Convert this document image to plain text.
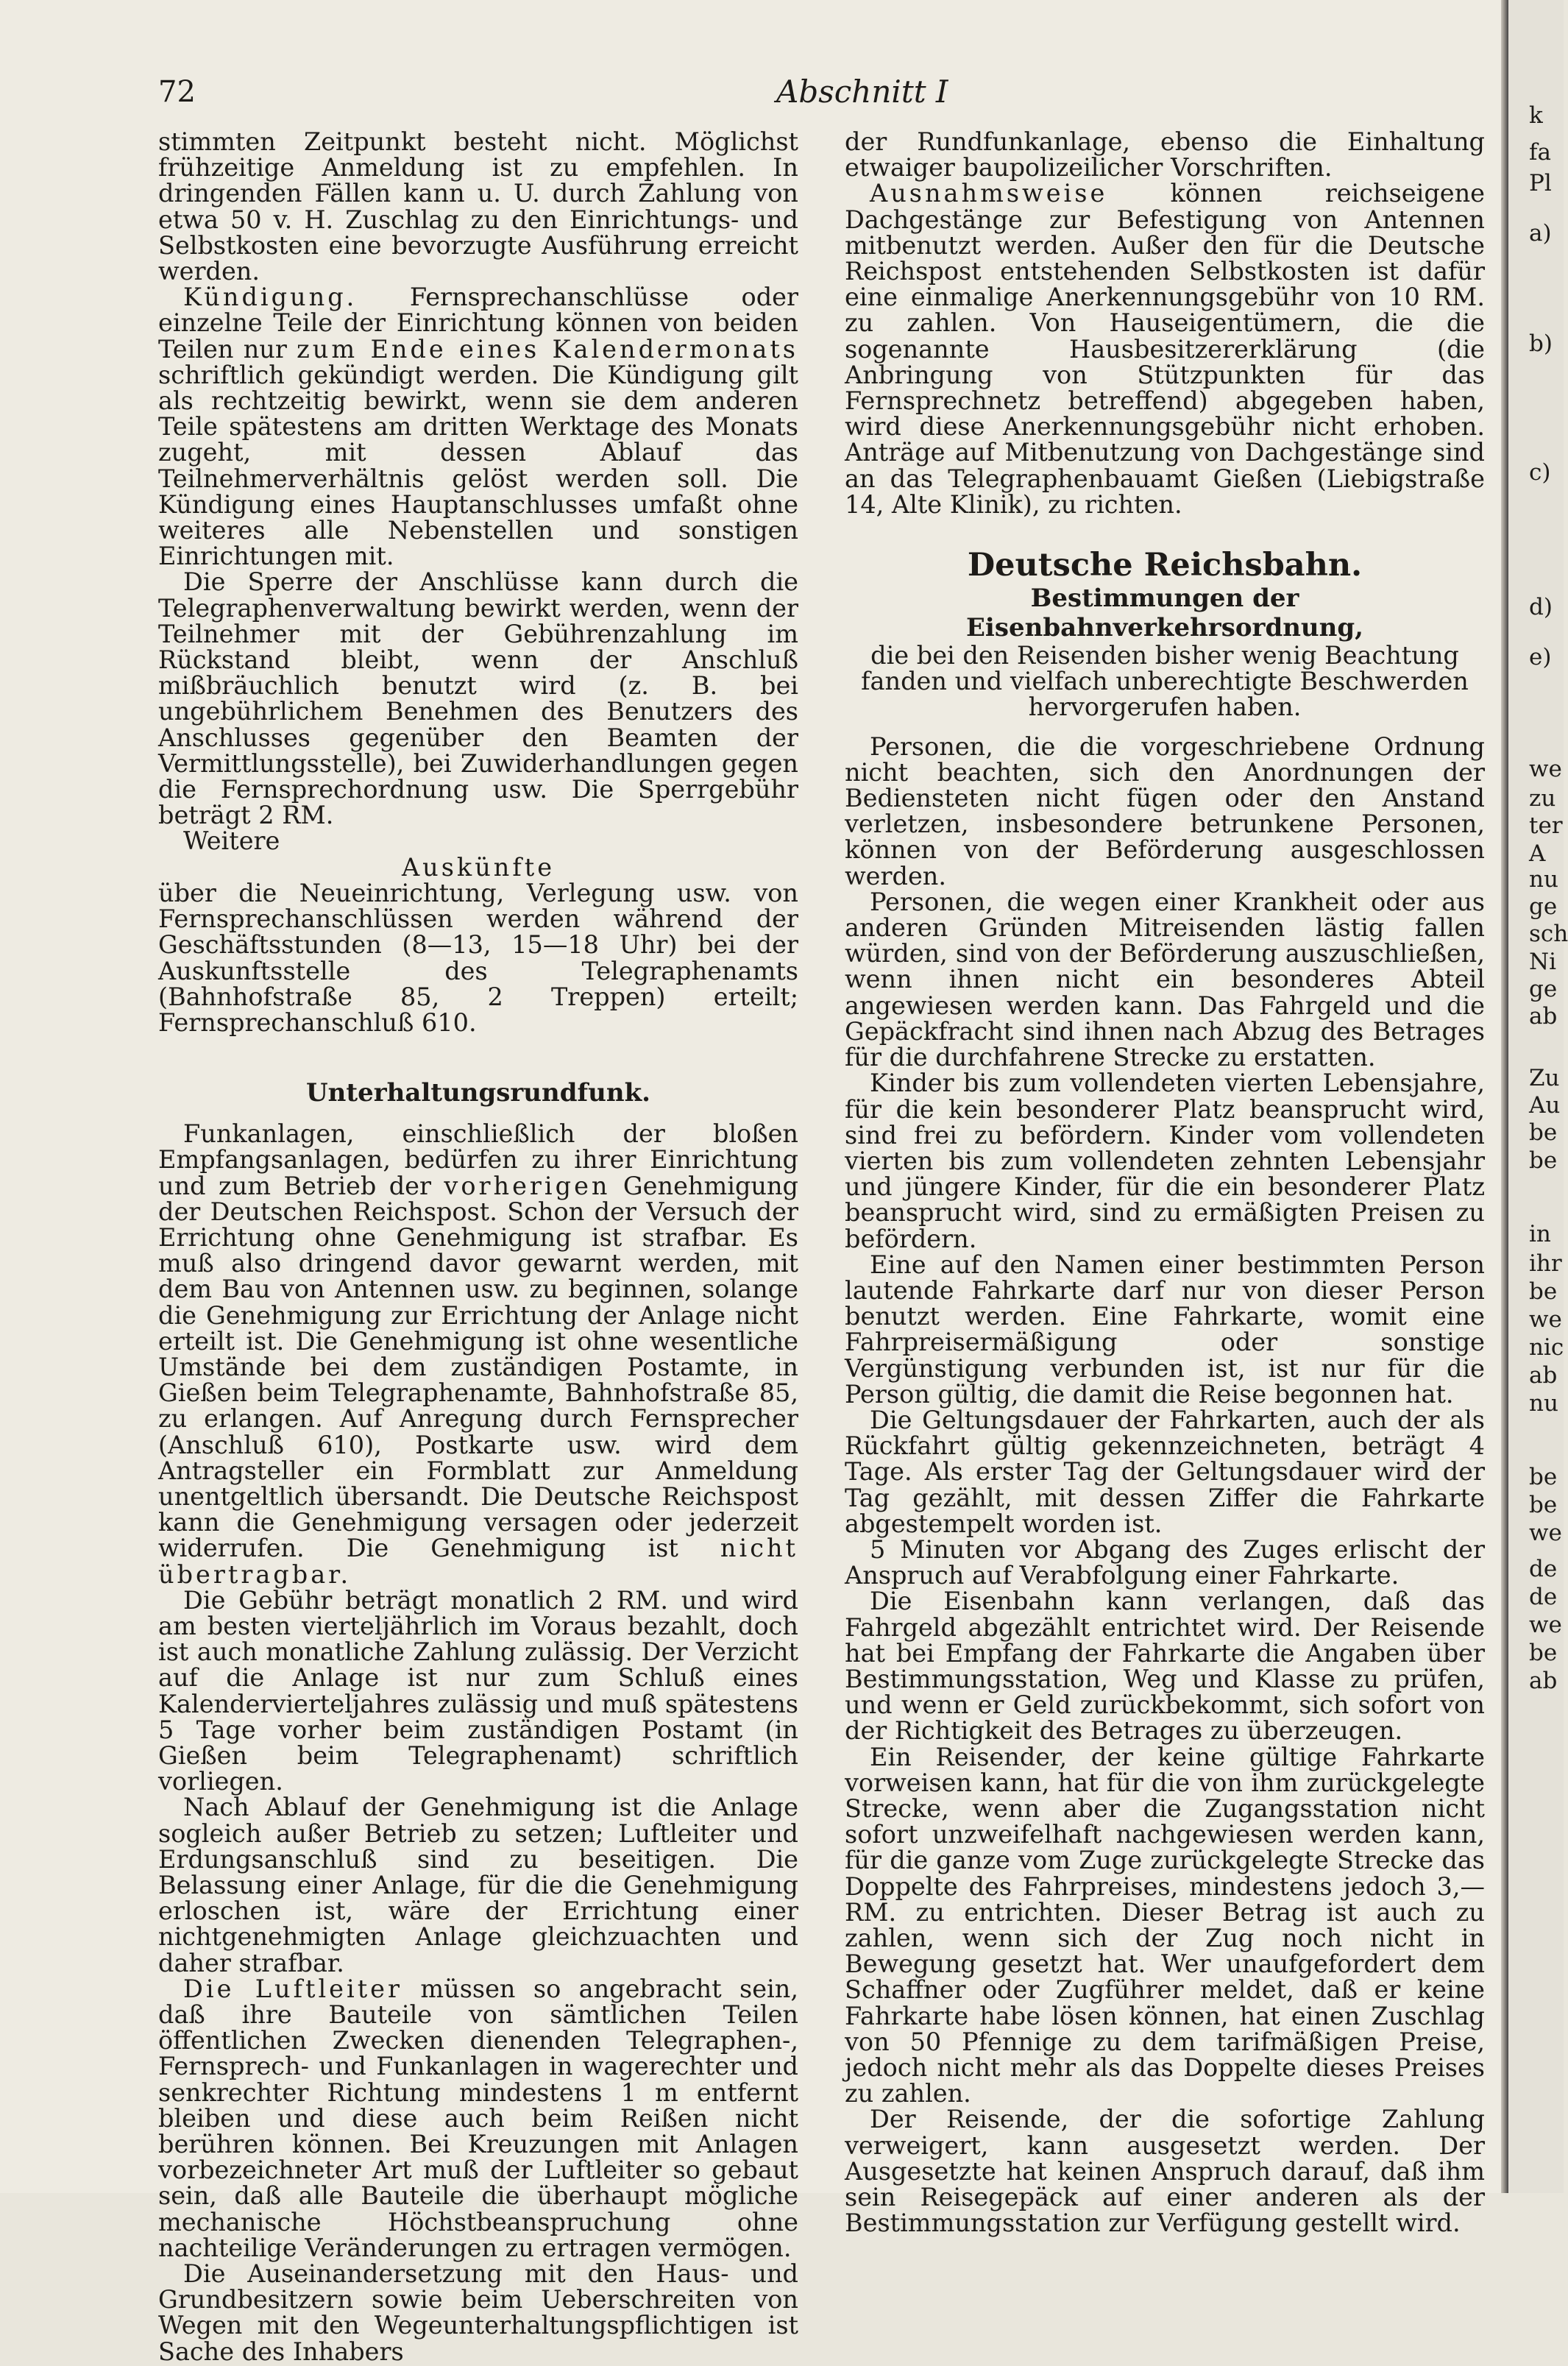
72	Abschnitt I

stimmten Zeitpunkt besteht nicht. Möglichst frühzeitige Anmeldung ist zu empfehlen. In dringenden Fällen kann u. U. durch Zahlung von etwa 50 v. H. Zuschlag zu den Einrichtungs- und Selbstkosten eine bevorzugte Ausführung erreicht werden.

Kündigung. Fernsprechanschlüsse oder einzelne Teile der Einrichtung können von beiden Teilen nur zum Ende eines Kalendermonats schriftlich gekündigt werden. Die Kündigung gilt als rechtzeitig bewirkt, wenn sie dem anderen Teile spätestens am dritten Werktage des Monats zugeht, mit dessen Ablauf das Teilnehmerverhältnis gelöst werden soll. Die Kündigung eines Hauptanschlusses umfaßt ohne weiteres alle Nebenstellen und sonstigen Einrichtungen mit.

Die Sperre der Anschlüsse kann durch die Telegraphenverwaltung bewirkt werden, wenn der Teilnehmer mit der Gebührenzahlung im Rückstand bleibt, wenn der Anschluß mißbräuchlich benutzt wird (z. B. bei ungebührlichem Benehmen des Benutzers des Anschlusses gegenüber den Beamten der Vermittlungsstelle), bei Zuwiderhandlungen gegen die Fernsprechordnung usw. Die Sperrgebühr beträgt 2 RM.

Weitere

Auskünfte

über die Neueinrichtung, Verlegung usw. von Fernsprechanschlüssen werden während der Geschäftsstunden (8—13, 15—18 Uhr) bei der Auskunftsstelle des Telegraphenamts (Bahnhofstraße 85, 2 Treppen) erteilt; Fernsprechanschluß 610.

Unterhaltungsrundfunk.

Funkanlagen, einschließlich der bloßen Empfangsanlagen, bedürfen zu ihrer Einrichtung und zum Betrieb der vorherigen Genehmigung der Deutschen Reichspost. Schon der Versuch der Errichtung ohne Genehmigung ist strafbar. Es muß also dringend davor gewarnt werden, mit dem Bau von Antennen usw. zu beginnen, solange die Genehmigung zur Errichtung der Anlage nicht erteilt ist. Die Genehmigung ist ohne wesentliche Umstände bei dem zuständigen Postamte, in Gießen beim Telegraphenamte, Bahnhofstraße 85, zu erlangen. Auf Anregung durch Fernsprecher (Anschluß 610), Postkarte usw. wird dem Antragsteller ein Formblatt zur Anmeldung unentgeltlich übersandt. Die Deutsche Reichspost kann die Genehmigung versagen oder jederzeit widerrufen. Die Genehmigung ist nicht übertragbar.

Die Gebühr beträgt monatlich 2 RM. und wird am besten vierteljährlich im Voraus bezahlt, doch ist auch monatliche Zahlung zulässig. Der Verzicht auf die Anlage ist nur zum Schluß eines Kalendervierteljahres zulässig und muß spätestens 5 Tage vorher beim zuständigen Postamt (in Gießen beim Telegraphenamt) schriftlich vorliegen.

Nach Ablauf der Genehmigung ist die Anlage sogleich außer Betrieb zu setzen; Luftleiter und Erdungsanschluß sind zu beseitigen. Die Belassung einer Anlage, für die die Genehmigung erloschen ist, wäre der Errichtung einer nichtgenehmigten Anlage gleichzuachten und daher strafbar.

Die Luftleiter müssen so angebracht sein, daß ihre Bauteile von sämtlichen Teilen öffentlichen Zwecken dienenden Telegraphen-, Fernsprech- und Funkanlagen in wagerechter und senkrechter Richtung mindestens 1 m entfernt bleiben und diese auch beim Reißen nicht berühren können. Bei Kreuzungen mit Anlagen vorbezeichneter Art muß der Luftleiter so gebaut sein, daß alle Bauteile die überhaupt mögliche mechanische Höchstbeanspruchung ohne nachteilige Veränderungen zu ertragen vermögen.

Die Auseinandersetzung mit den Haus- und Grundbesitzern sowie beim Ueberschreiten von Wegen mit den Wegeunterhaltungspflichtigen ist Sache des Inhabers

der Rundfunkanlage, ebenso die Einhaltung etwaiger baupolizeilicher Vorschriften.

Ausnahmsweise können reichseigene Dachgestänge zur Befestigung von Antennen mitbenutzt werden. Außer den für die Deutsche Reichspost entstehenden Selbstkosten ist dafür eine einmalige Anerkennungsgebühr von 10 RM. zu zahlen. Von Hauseigentümern, die die sogenannte Hausbesitzererklärung (die Anbringung von Stützpunkten für das Fernsprechnetz betreffend) abgegeben haben, wird diese Anerkennungsgebühr nicht erhoben. Anträge auf Mitbenutzung von Dachgestänge sind an das Telegraphenbauamt Gießen (Liebigstraße 14, Alte Klinik), zu richten.

Deutsche Reichsbahn.
Bestimmungen der Eisenbahnverkehrsordnung,

die bei den Reisenden bisher wenig Beachtung fanden und vielfach unberechtigte Beschwerden hervorgerufen haben.

Personen, die die vorgeschriebene Ordnung nicht beachten, sich den Anordnungen der Bediensteten nicht fügen oder den Anstand verletzen, insbesondere betrunkene Personen, können von der Beförderung ausgeschlossen werden.

Personen, die wegen einer Krankheit oder aus anderen Gründen Mitreisenden lästig fallen würden, sind von der Beförderung auszuschließen, wenn ihnen nicht ein besonderes Abteil angewiesen werden kann. Das Fahrgeld und die Gepäckfracht sind ihnen nach Abzug des Betrages für die durchfahrene Strecke zu erstatten.

Kinder bis zum vollendeten vierten Lebensjahre, für die kein besonderer Platz beansprucht wird, sind frei zu befördern. Kinder vom vollendeten vierten bis zum vollendeten zehnten Lebensjahr und jüngere Kinder, für die ein besonderer Platz beansprucht wird, sind zu ermäßigten Preisen zu befördern.

Eine auf den Namen einer bestimmten Person lautende Fahrkarte darf nur von dieser Person benutzt werden. Eine Fahrkarte, womit eine Fahrpreisermäßigung oder sonstige Vergünstigung verbunden ist, ist nur für die Person gültig, die damit die Reise begonnen hat.

Die Geltungsdauer der Fahrkarten, auch der als Rückfahrt gültig gekennzeichneten, beträgt 4 Tage. Als erster Tag der Geltungsdauer wird der Tag gezählt, mit dessen Ziffer die Fahrkarte abgestempelt worden ist.

5 Minuten vor Abgang des Zuges erlischt der Anspruch auf Verabfolgung einer Fahrkarte.

Die Eisenbahn kann verlangen, daß das Fahrgeld abgezählt entrichtet wird. Der Reisende hat bei Empfang der Fahrkarte die Angaben über Bestimmungsstation, Weg und Klasse zu prüfen, und wenn er Geld zurückbekommt, sich sofort von der Richtigkeit des Betrages zu überzeugen.

Ein Reisender, der keine gültige Fahrkarte vorweisen kann, hat für die von ihm zurückgelegte Strecke, wenn aber die Zugangsstation nicht sofort unzweifelhaft nachgewiesen werden kann, für die ganze vom Zuge zurückgelegte Strecke das Doppelte des Fahrpreises, mindestens jedoch 3,— RM. zu entrichten. Dieser Betrag ist auch zu zahlen, wenn sich der Zug noch nicht in Bewegung gesetzt hat. Wer unaufgefordert dem Schaffner oder Zugführer meldet, daß er keine Fahrkarte habe lösen können, hat einen Zuschlag von 50 Pfennige zu dem tarifmäßigen Preise, jedoch nicht mehr als das Doppelte dieses Preises zu zahlen.

Der Reisende, der die sofortige Zahlung verweigert, kann ausgesetzt werden. Der Ausgesetzte hat keinen Anspruch darauf, daß ihm sein Reisegepäck auf einer anderen als der Bestimmungsstation zur Verfügung gestellt wird.

k
fa
Pl
a)
b)
c)
d)
e)
we
zu
ter
A
nu
ge
sch
Ni
ge
ab
Zu
Au
be
be
in
ihr
be
we
nic
ab
nu
be
be
we
de
de
we
be
ab
